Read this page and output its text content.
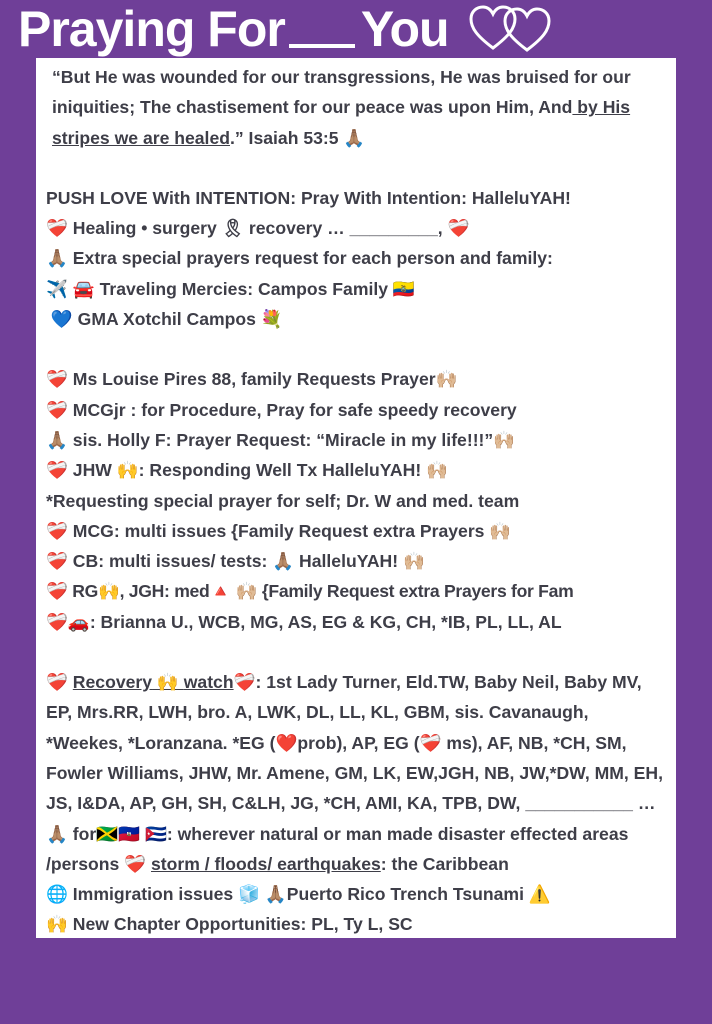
Praying For You
“But He was wounded for our transgressions, He was bruised for our iniquities; The chastisement for our peace was upon Him, And by His stripes we are healed.” Isaiah 53:5 🙏🏽
PUSH LOVE With INTENTION: Pray With Intention: HalleluYAH!
❤️‍🩹 Healing • surgery 🎗 recovery … _________, ❤️‍🩹
🙏🏽 Extra special prayers request for each person and family:
✈️ 🚘 Traveling Mercies: Campos Family 🇪🇨
💙 GMA Xotchil Campos 💐
❤️‍🩹 Ms Louise Pires 88, family Requests Prayer🙌🏼
❤️‍🩹 MCGjr : for Procedure, Pray for safe speedy recovery
🙏🏽 sis. Holly F: Prayer Request: “Miracle in my life!!!”🙌🏼
❤️‍🩹 JHW 🙌: Responding Well Tx HalleluYAH! 🙌🏼
*Requesting special prayer for self; Dr. W and med. team
❤️‍🩹 MCG: multi issues {Family Request extra Prayers 🙌🏼
❤️‍🩹 CB: multi issues/ tests: 🙏🏽 HalleluYAH! 🙌🏼
❤️‍🩹 RG🙌, JGH: med🔺 🙌🏼 {Family Request extra Prayers for Fam
❤️‍🩹🚗: Brianna U., WCB, MG, AS, EG & KG, CH, *IB, PL, LL, AL
❤️‍🩹 Recovery 🙌 watch❤️‍🩹: 1st Lady Turner, Eld.TW, Baby Neil, Baby MV, EP, Mrs.RR, LWH, bro. A, LWK, DL, LL, KL, GBM, sis. Cavanaugh, *Weekes, *Loranzana. *EG (❤️prob), AP, EG (❤️‍🩹 ms), AF, NB, *CH, SM, Fowler Williams, JHW, Mr. Amene, GM, LK, EW,JGH, NB, JW,*DW, MM, EH, JS, I&DA, AP, GH, SH, C&LH, JG, *CH, AMI, KA, TPB, DW, ___________ …
🙏🏽 for🇯🇲🇭🇹 🇨🇺: wherever natural or man made disaster effected areas /persons ❤️‍🩹 storm / floods/ earthquakes: the Caribbean
🌐 Immigration issues 🧊 🙏🏽Puerto Rico Trench Tsunami ⚠️
🙌 New Chapter Opportunities: PL, Ty L, SC
